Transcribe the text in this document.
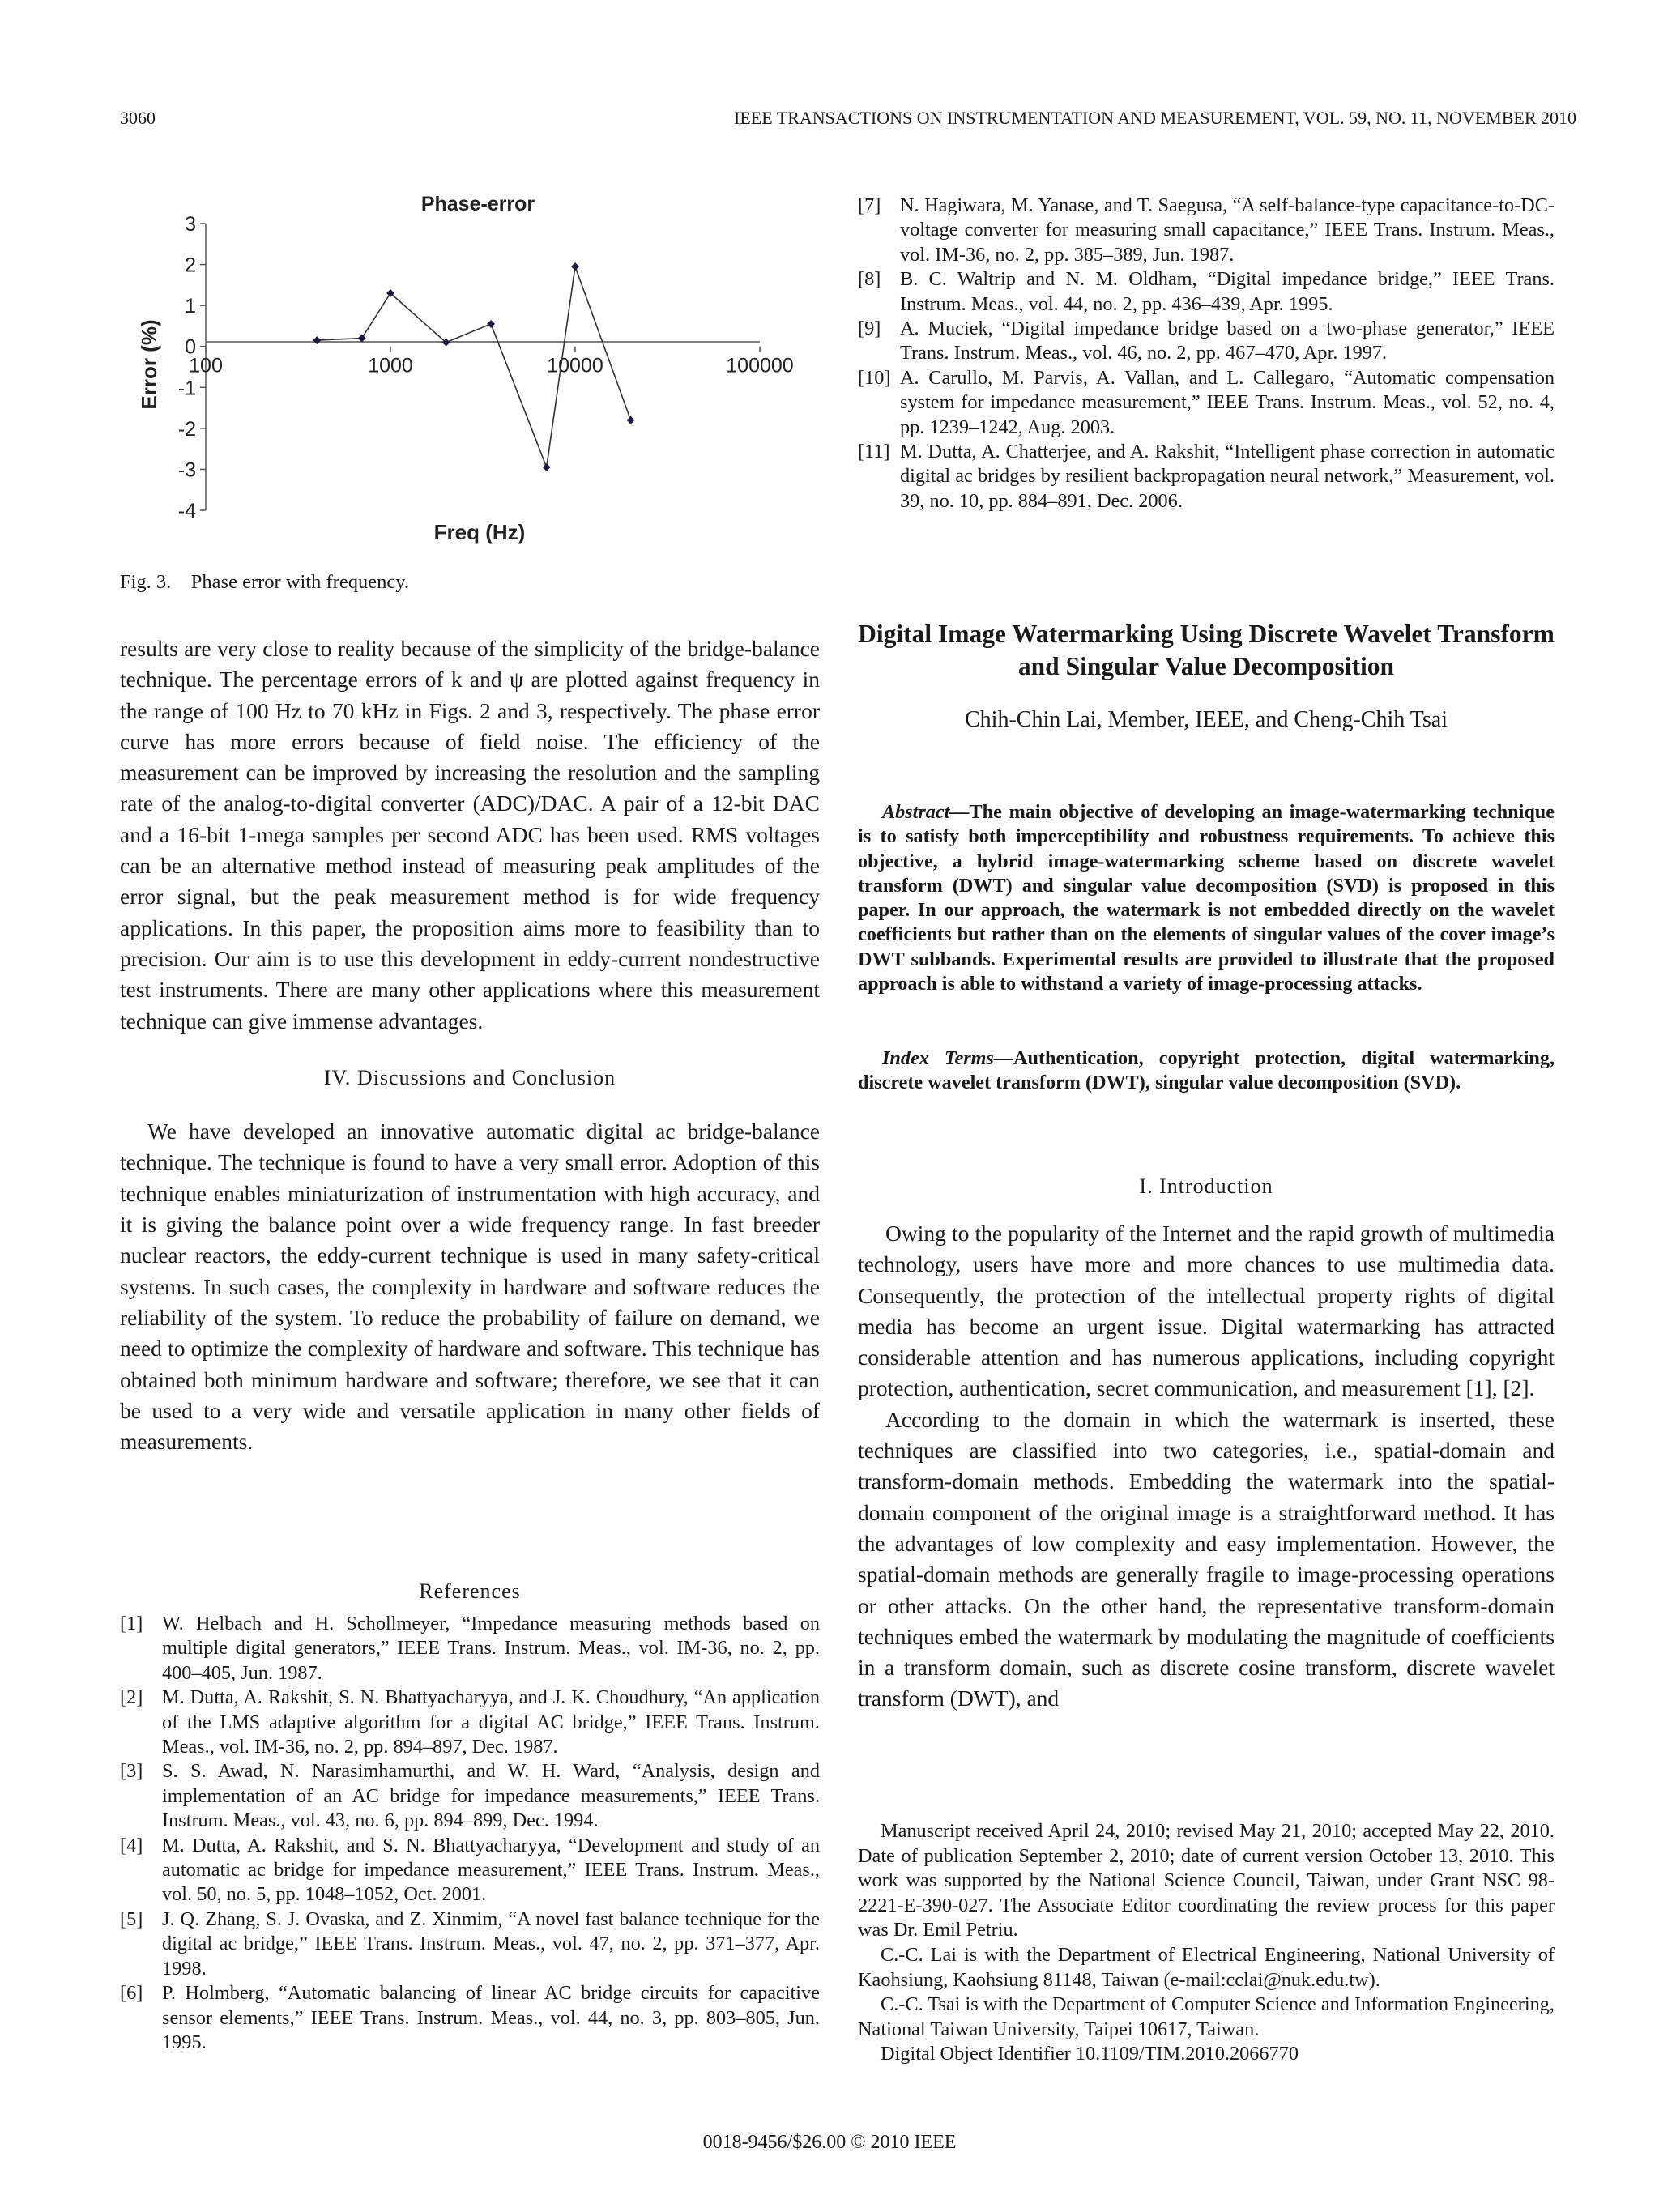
3060	IEEE TRANSACTIONS ON INSTRUMENTATION AND MEASUREMENT, VOL. 59, NO. 11, NOVEMBER 2010
Phase-error
Error (%)
Freq (Hz)
3
2
1
0
-1
-2
-3
-4
100	1000	10000	100000
Fig. 3. Phase error with frequency.

results are very close to reality because of the simplicity of the bridge-balance technique. The percentage errors of k and ψ are plotted against frequency in the range of 100 Hz to 70 kHz in Figs. 2 and 3, respectively. The phase error curve has more errors because of field noise. The efficiency of the measurement can be improved by increasing the resolution and the sampling rate of the analog-to-digital converter (ADC)/DAC. A pair of a 12-bit DAC and a 16-bit 1-mega samples per second ADC has been used. RMS voltages can be an alternative method instead of measuring peak amplitudes of the error signal, but the peak measurement method is for wide frequency applications. In this paper, the proposition aims more to feasibility than to precision. Our aim is to use this development in eddy-current nondestructive test instruments. There are many other applications where this measurement technique can give immense advantages.

IV. Discussions and Conclusion

We have developed an innovative automatic digital ac bridge-balance technique. The technique is found to have a very small error. Adoption of this technique enables miniaturization of instrumentation with high accuracy, and it is giving the balance point over a wide frequency range. In fast breeder nuclear reactors, the eddy-current technique is used in many safety-critical systems. In such cases, the complexity in hardware and software reduces the reliability of the system. To reduce the probability of failure on demand, we need to optimize the complexity of hardware and software. This technique has obtained both minimum hardware and software; therefore, we see that it can be used to a very wide and versatile application in many other fields of measurements.

References

[1] W. Helbach and H. Schollmeyer, “Impedance measuring methods based on multiple digital generators,” IEEE Trans. Instrum. Meas., vol. IM-36, no. 2, pp. 400–405, Jun. 1987.

[2] M. Dutta, A. Rakshit, S. N. Bhattyacharyya, and J. K. Choudhury, “An application of the LMS adaptive algorithm for a digital AC bridge,” IEEE Trans. Instrum. Meas., vol. IM-36, no. 2, pp. 894–897, Dec. 1987.

[3] S. S. Awad, N. Narasimhamurthi, and W. H. Ward, “Analysis, design and implementation of an AC bridge for impedance measurements,” IEEE Trans. Instrum. Meas., vol. 43, no. 6, pp. 894–899, Dec. 1994.

[4] M. Dutta, A. Rakshit, and S. N. Bhattyacharyya, “Development and study of an automatic ac bridge for impedance measurement,” IEEE Trans. Instrum. Meas., vol. 50, no. 5, pp. 1048–1052, Oct. 2001.

[5] J. Q. Zhang, S. J. Ovaska, and Z. Xinmim, “A novel fast balance technique for the digital ac bridge,” IEEE Trans. Instrum. Meas., vol. 47, no. 2, pp. 371–377, Apr. 1998.

[6] P. Holmberg, “Automatic balancing of linear AC bridge circuits for capacitive sensor elements,” IEEE Trans. Instrum. Meas., vol. 44, no. 3, pp. 803–805, Jun. 1995.

[7] N. Hagiwara, M. Yanase, and T. Saegusa, “A self-balance-type capacitance-to-DC-voltage converter for measuring small capacitance,” IEEE Trans. Instrum. Meas., vol. IM-36, no. 2, pp. 385–389, Jun. 1987.

[8] B. C. Waltrip and N. M. Oldham, “Digital impedance bridge,” IEEE Trans. Instrum. Meas., vol. 44, no. 2, pp. 436–439, Apr. 1995.

[9] A. Muciek, “Digital impedance bridge based on a two-phase generator,” IEEE Trans. Instrum. Meas., vol. 46, no. 2, pp. 467–470, Apr. 1997.

[10] A. Carullo, M. Parvis, A. Vallan, and L. Callegaro, “Automatic compensation system for impedance measurement,” IEEE Trans. Instrum. Meas., vol. 52, no. 4, pp. 1239–1242, Aug. 2003.

[11] M. Dutta, A. Chatterjee, and A. Rakshit, “Intelligent phase correction in automatic digital ac bridges by resilient backpropagation neural network,” Measurement, vol. 39, no. 10, pp. 884–891, Dec. 2006.

Digital Image Watermarking Using Discrete Wavelet Transform and Singular Value Decomposition
Chih-Chin Lai, Member, IEEE, and Cheng-Chih Tsai
Abstract—The main objective of developing an image-watermarking technique is to satisfy both imperceptibility and robustness requirements. To achieve this objective, a hybrid image-watermarking scheme based on discrete wavelet transform (DWT) and singular value decomposition (SVD) is proposed in this paper. In our approach, the watermark is not embedded directly on the wavelet coefficients but rather than on the elements of singular values of the cover image’s DWT subbands. Experimental results are provided to illustrate that the proposed approach is able to withstand a variety of image-processing attacks.
Index Terms—Authentication, copyright protection, digital watermarking, discrete wavelet transform (DWT), singular value decomposition (SVD).
I. Introduction

Owing to the popularity of the Internet and the rapid growth of multimedia technology, users have more and more chances to use multimedia data. Consequently, the protection of the intellectual property rights of digital media has become an urgent issue. Digital watermarking has attracted considerable attention and has numerous applications, including copyright protection, authentication, secret communication, and measurement [1], [2].

According to the domain in which the watermark is inserted, these techniques are classified into two categories, i.e., spatial-domain and transform-domain methods. Embedding the watermark into the spatial-domain component of the original image is a straightforward method. It has the advantages of low complexity and easy implementation. However, the spatial-domain methods are generally fragile to image-processing operations or other attacks. On the other hand, the representative transform-domain techniques embed the watermark by modulating the magnitude of coefficients in a transform domain, such as discrete cosine transform, discrete wavelet transform (DWT), and

Manuscript received April 24, 2010; revised May 21, 2010; accepted May 22, 2010. Date of publication September 2, 2010; date of current version October 13, 2010. This work was supported by the National Science Council, Taiwan, under Grant NSC 98-2221-E-390-027. The Associate Editor coordinating the review process for this paper was Dr. Emil Petriu.

C.-C. Lai is with the Department of Electrical Engineering, National University of Kaohsiung, Kaohsiung 81148, Taiwan (e-mail:cclai@nuk.edu.tw).

C.-C. Tsai is with the Department of Computer Science and Information Engineering, National Taiwan University, Taipei 10617, Taiwan.

Digital Object Identifier 10.1109/TIM.2010.2066770

0018-9456/$26.00 © 2010 IEEE
